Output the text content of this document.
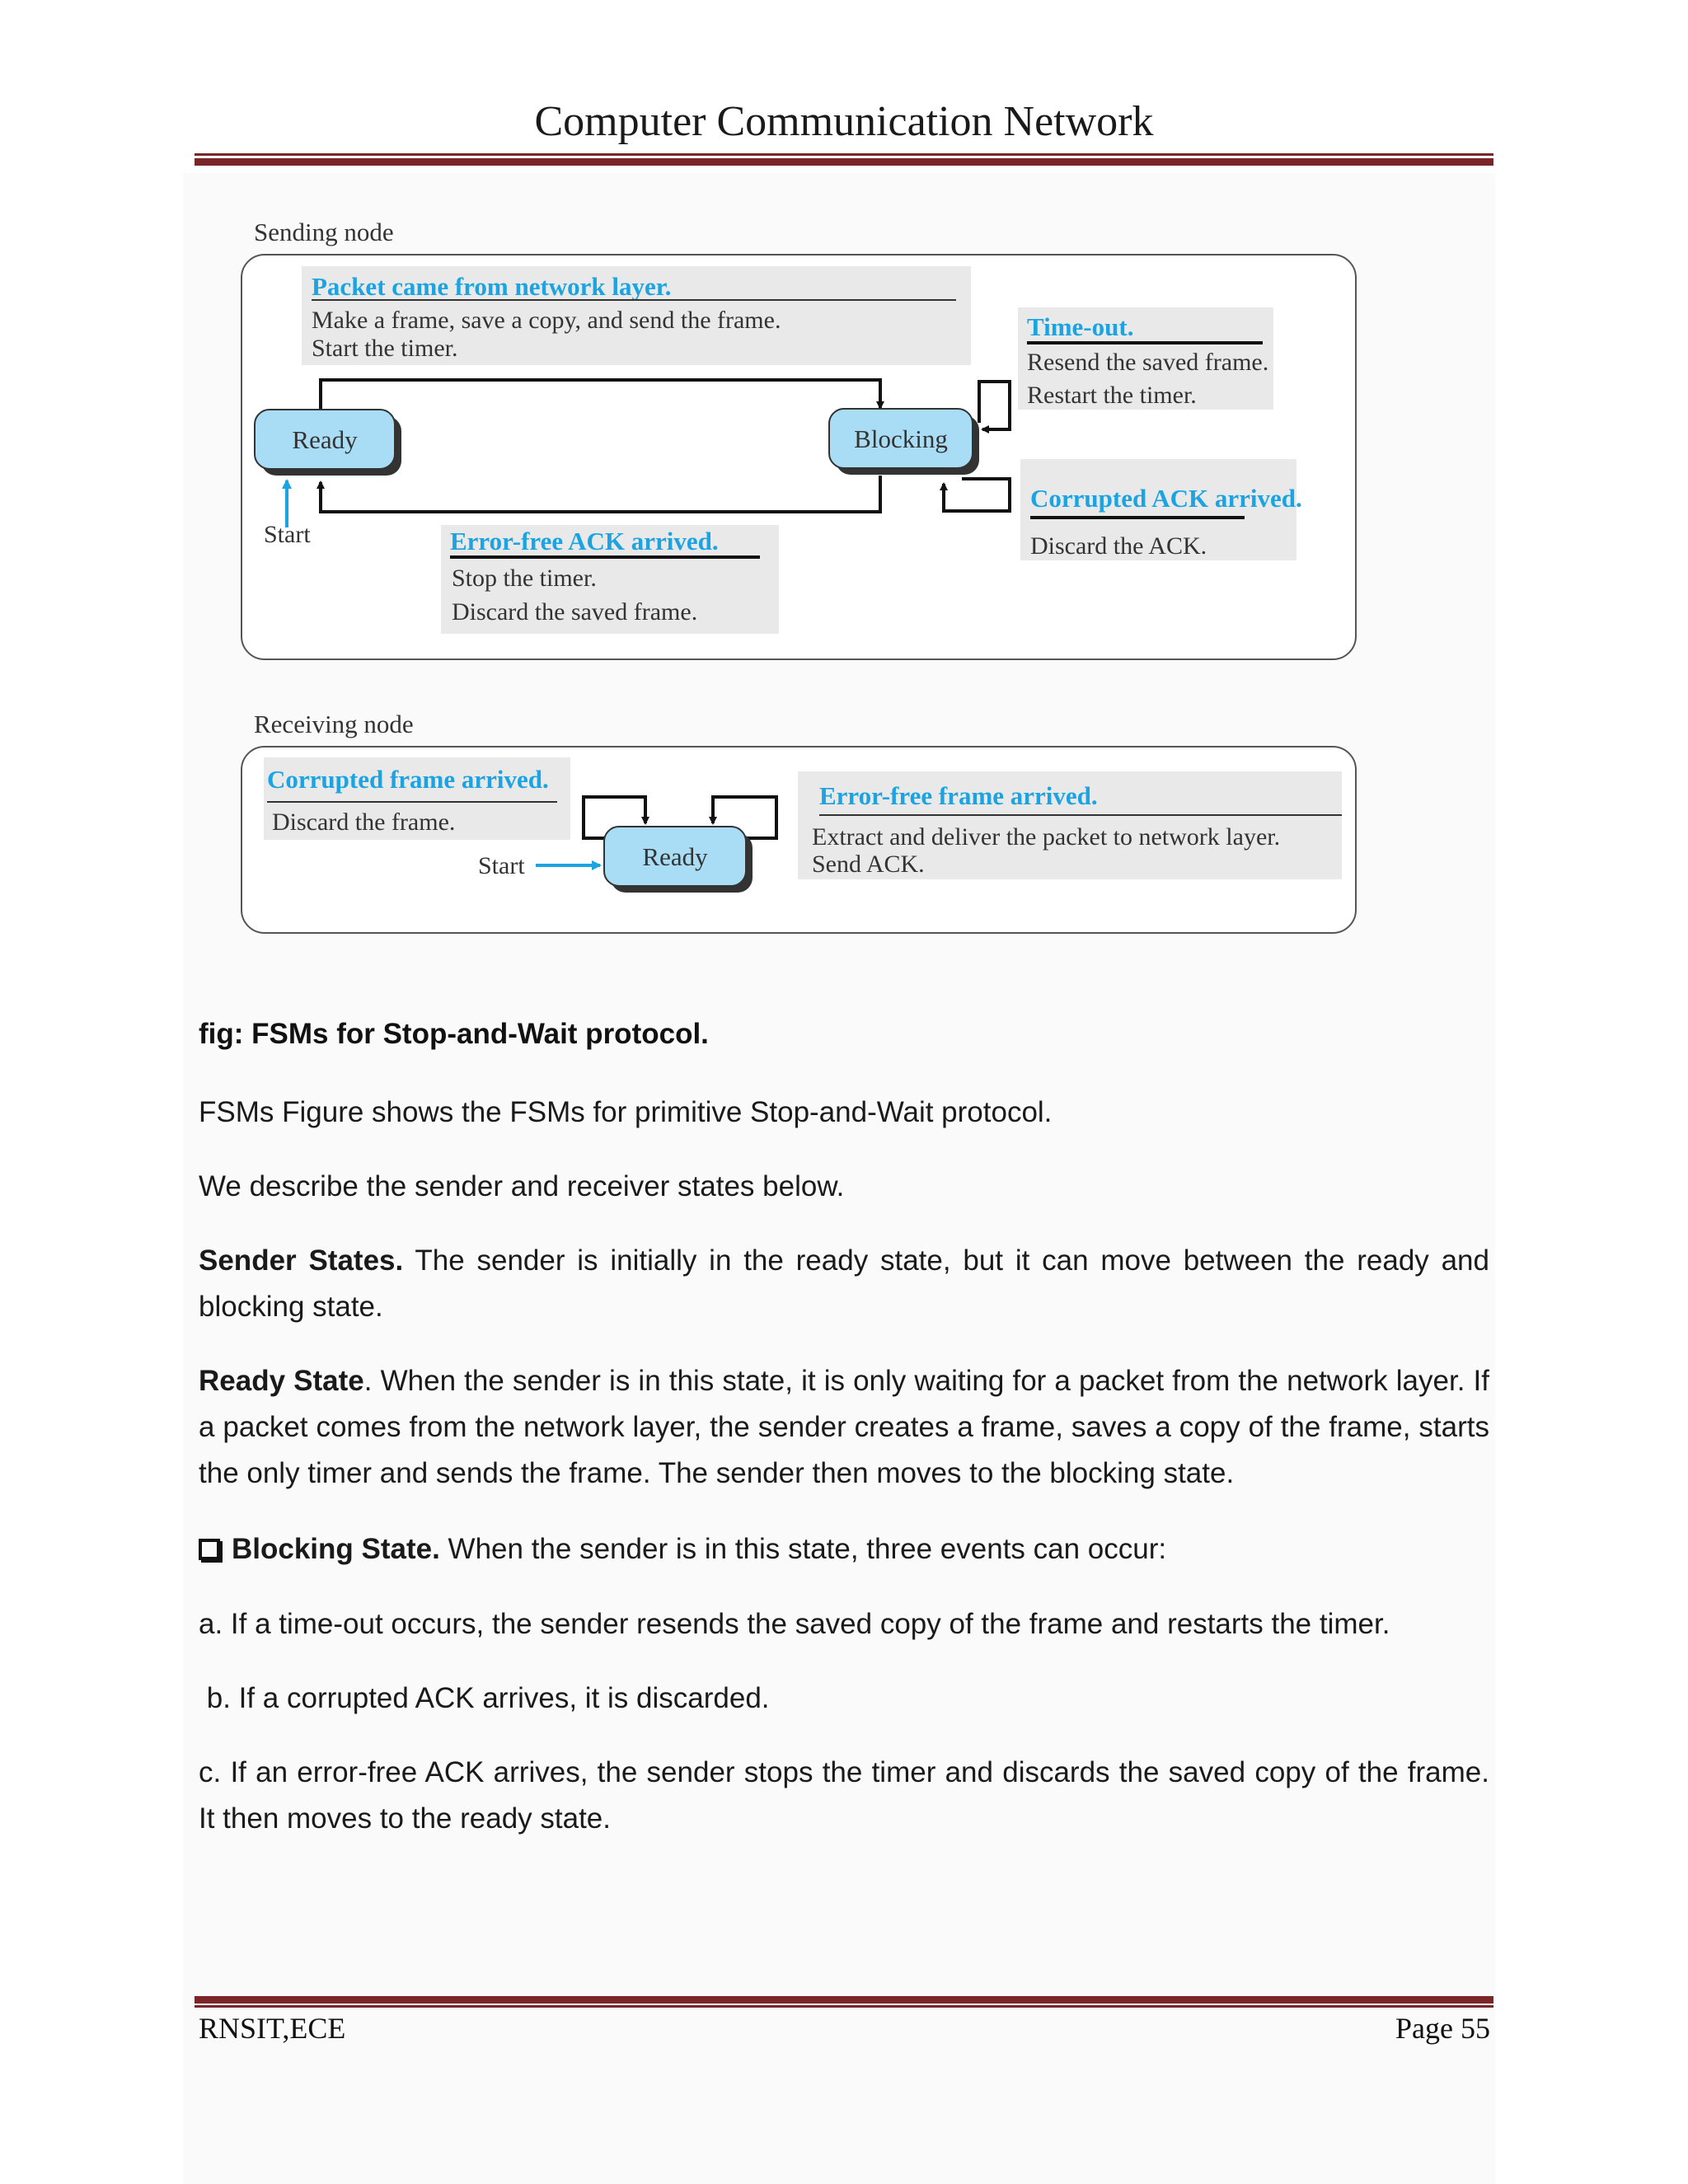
Computer Communication Network
Sending node
Packet came from network layer.
Make a frame, save a copy, and send the frame.
Start the timer.
Time-out.
Resend the saved frame.
Restart the timer.
Corrupted ACK arrived.
Discard the ACK.
Error-free ACK arrived.
Stop the timer.
Discard the saved frame.
Ready	Blocking
Start
Receiving node
Corrupted frame arrived.
Discard the frame.
Error-free frame arrived.
Extract and deliver the packet to network layer.
Send ACK.
Ready
Start
fig: FSMs for Stop-and-Wait protocol.
FSMs Figure shows the FSMs for primitive Stop-and-Wait protocol.
We describe the sender and receiver states below.
Sender States. The sender is initially in the ready state, but it can move between the ready and blocking state.
Ready State. When the sender is in this state, it is only waiting for a packet from the network layer. If a packet comes from the network layer, the sender creates a frame, saves a copy of the frame, starts the only timer and sends the frame. The sender then moves to the blocking state.
Blocking State. When the sender is in this state, three events can occur:
a. If a time-out occurs, the sender resends the saved copy of the frame and restarts the timer.
b. If a corrupted ACK arrives, it is discarded.
c. If an error-free ACK arrives, the sender stops the timer and discards the saved copy of the frame. It then moves to the ready state.
RNSIT,ECE	Page 55
